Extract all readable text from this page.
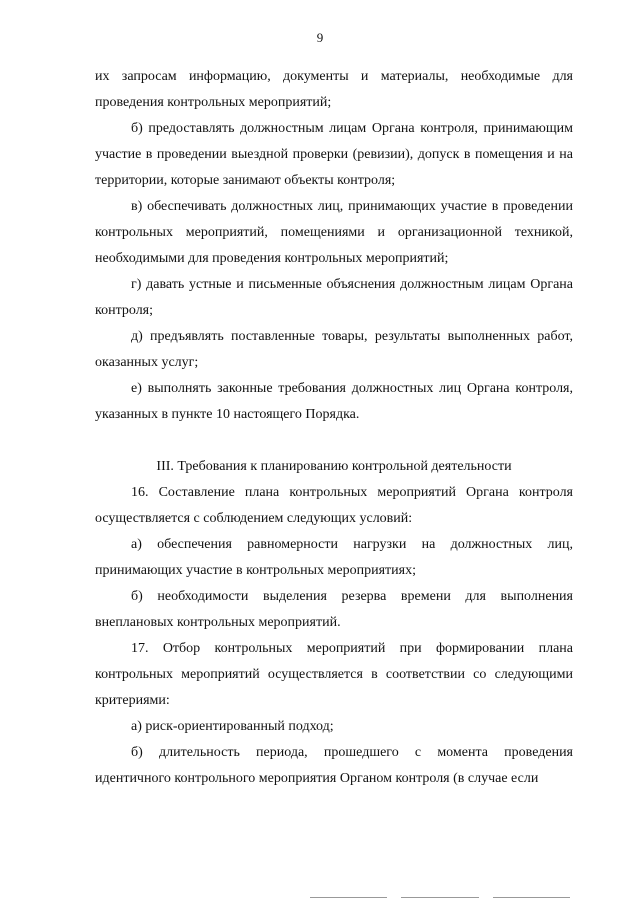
9

их запросам информацию, документы и материалы, необходимые для проведения контрольных мероприятий;

б) предоставлять должностным лицам Органа контроля, принимающим участие в проведении выездной проверки (ревизии), допуск в помещения и на территории, которые занимают объекты контроля;

в) обеспечивать должностных лиц, принимающих участие в проведении контрольных мероприятий, помещениями и организационной техникой, необходимыми для проведения контрольных мероприятий;

г) давать устные и письменные объяснения должностным лицам Органа контроля;

д) предъявлять поставленные товары, результаты выполненных работ, оказанных услуг;

е) выполнять законные требования должностных лиц Органа контроля, указанных в пункте 10 настоящего Порядка.

III. Требования к планированию контрольной деятельности

16. Составление плана контрольных мероприятий Органа контроля осуществляется с соблюдением следующих условий:

а) обеспечения равномерности нагрузки на должностных лиц, принимающих участие в контрольных мероприятиях;

б) необходимости выделения резерва времени для выполнения внеплановых контрольных мероприятий.

17. Отбор контрольных мероприятий при формировании плана контрольных мероприятий осуществляется в соответствии со следующими критериями:

а) риск-ориентированный подход;

б) длительность периода, прошедшего с момента проведения идентичного контрольного мероприятия Органом контроля (в случае если
